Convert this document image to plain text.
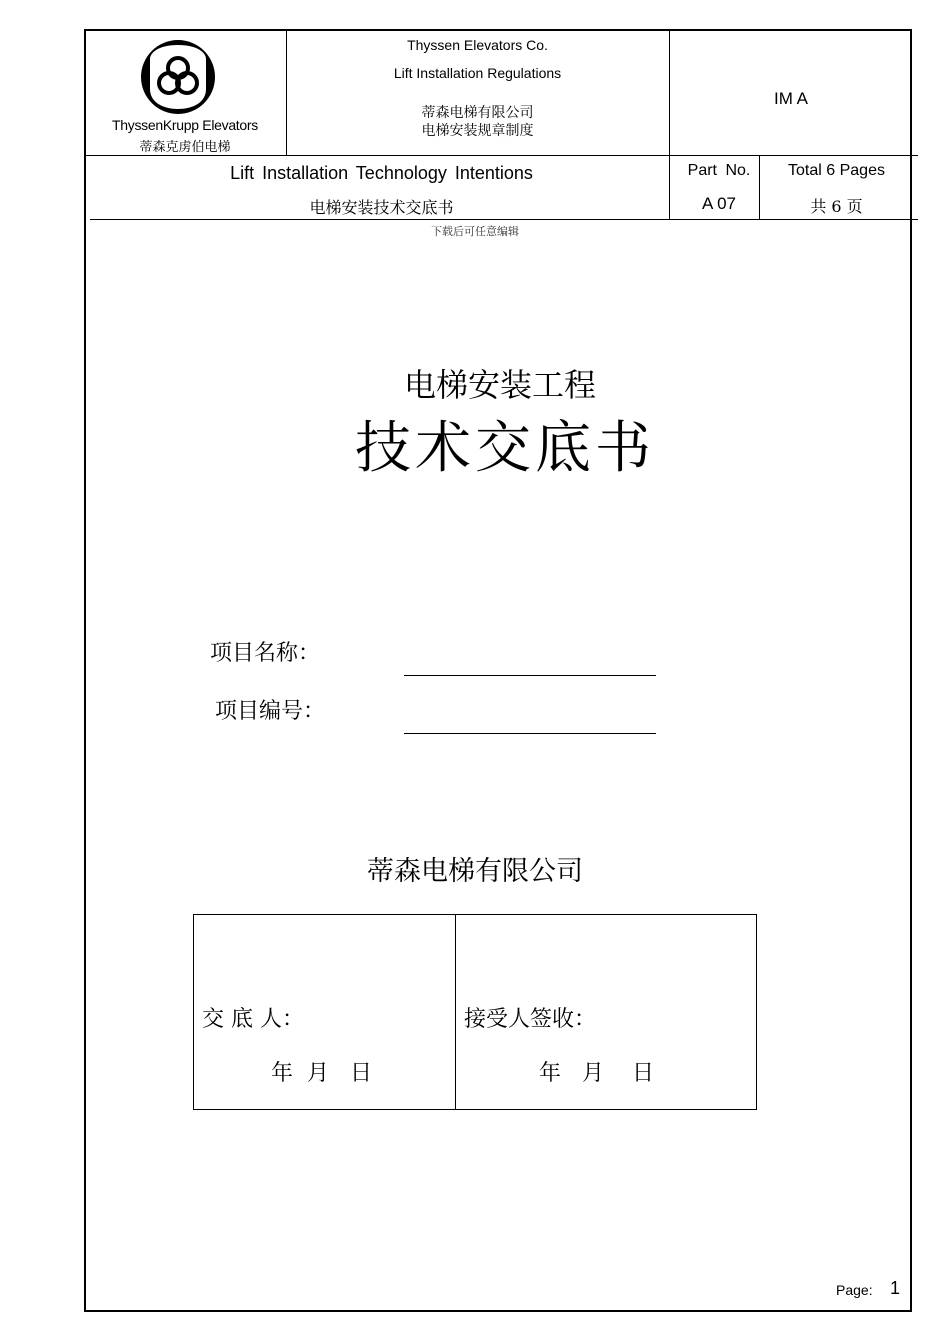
ThyssenKrupp Elevators
蒂森克虏伯电梯
Thyssen Elevators Co.
Lift Installation Regulations
蒂森电梯有限公司
电梯安装规章制度
IM A
Lift Installation Technology Intentions
电梯安装技术交底书
Part No.
A 07
Total 6 Pages
共 6 页
下载后可任意编辑
电梯安装工程
技术交底书
项目名称：
项目编号：
蒂森电梯有限公司
交 底 人：
年  月   日
接受人签收：
年   月    日
Page: 1
